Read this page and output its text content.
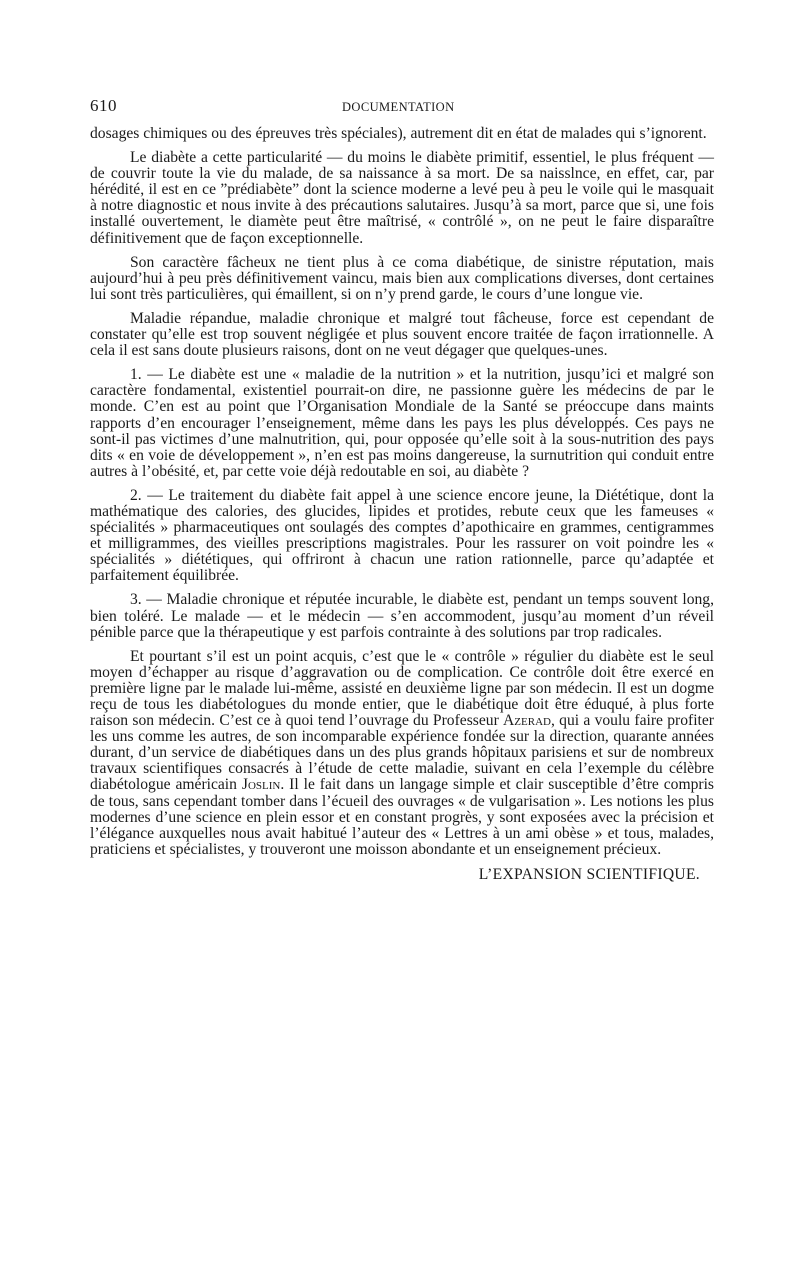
610	DOCUMENTATION

dosages chimiques ou des épreuves très spéciales), autrement dit en état de malades qui s’ignorent.

Le diabète a cette particularité — du moins le diabète primitif, essentiel, le plus fréquent — de couvrir toute la vie du malade, de sa naissance à sa mort. De sa naisslnce, en effet, car, par hérédité, il est en ce ”prédiabète” dont la science moderne a levé peu à peu le voile qui le masquait à notre diagnostic et nous invite à des précautions salutaires. Jusqu’à sa mort, parce que si, une fois installé ouvertement, le diamète peut être maîtrisé, « contrôlé », on ne peut le faire disparaître définitivement que de façon exceptionnelle.

Son caractère fâcheux ne tient plus à ce coma diabétique, de sinistre réputation, mais aujourd’hui à peu près définitivement vaincu, mais bien aux complications diverses, dont certaines lui sont très particulières, qui émaillent, si on n’y prend garde, le cours d’une longue vie.

Maladie répandue, maladie chronique et malgré tout fâcheuse, force est cependant de constater qu’elle est trop souvent négligée et plus souvent encore traitée de façon irrationnelle. A cela il est sans doute plusieurs raisons, dont on ne veut dégager que quelques-unes.

1. — Le diabète est une « maladie de la nutrition » et la nutrition, jusqu’ici et malgré son caractère fondamental, existentiel pourrait-on dire, ne passionne guère les médecins de par le monde. C’en est au point que l’Organisation Mondiale de la Santé se préoccupe dans maints rapports d’en encourager l’enseignement, même dans les pays les plus développés. Ces pays ne sont-il pas victimes d’une malnutrition, qui, pour opposée qu’elle soit à la sous-nutrition des pays dits « en voie de développement », n’en est pas moins dangereuse, la surnutrition qui conduit entre autres à l’obésité, et, par cette voie déjà redoutable en soi, au diabète ?

2. — Le traitement du diabète fait appel à une science encore jeune, la Diététique, dont la mathématique des calories, des glucides, lipides et protides, rebute ceux que les fameuses « spécialités » pharmaceutiques ont soulagés des comptes d’apothicaire en grammes, centigrammes et milligrammes, des vieilles prescriptions magistrales. Pour les rassurer on voit poindre les « spécialités » diététiques, qui offriront à chacun une ration rationnelle, parce qu’adaptée et parfaitement équilibrée.

3. — Maladie chronique et réputée incurable, le diabète est, pendant un temps souvent long, bien toléré. Le malade — et le médecin — s’en accommodent, jusqu’au moment d’un réveil pénible parce que la thérapeutique y est parfois contrainte à des solutions par trop radicales.

Et pourtant s’il est un point acquis, c’est que le « contrôle » régulier du diabète est le seul moyen d’échapper au risque d’aggravation ou de complication. Ce contrôle doit être exercé en première ligne par le malade lui-même, assisté en deuxième ligne par son médecin. Il est un dogme reçu de tous les diabétologues du monde entier, que le diabétique doit être éduqué, à plus forte raison son médecin. C’est ce à quoi tend l’ouvrage du Professeur Azerad, qui a voulu faire profiter les uns comme les autres, de son incomparable expérience fondée sur la direction, quarante années durant, d’un service de diabétiques dans un des plus grands hôpitaux parisiens et sur de nombreux travaux scientifiques consacrés à l’étude de cette maladie, suivant en cela l’exemple du célèbre diabétologue américain Joslin. Il le fait dans un langage simple et clair susceptible d’être compris de tous, sans cependant tomber dans l’écueil des ouvrages « de vulgarisation ». Les notions les plus modernes d’une science en plein essor et en constant progrès, y sont exposées avec la précision et l’élégance auxquelles nous avait habitué l’auteur des « Lettres à un ami obèse » et tous, malades, praticiens et spécialistes, y trouveront une moisson abondante et un enseignement précieux.

L’EXPANSION SCIENTIFIQUE.
